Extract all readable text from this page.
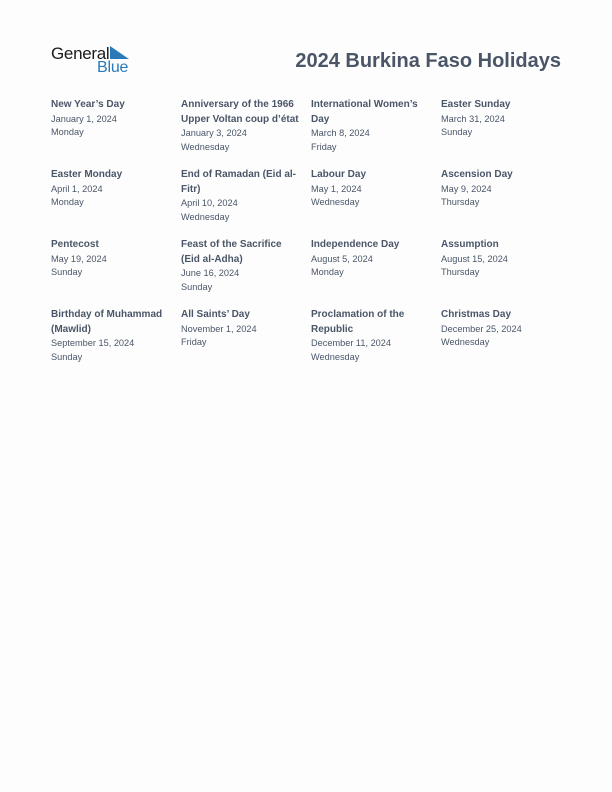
General
Blue	2024 Burkina Faso Holidays
New Year’s Day
January 1, 2024
Monday
Anniversary of the 1966 Upper Voltan coup d’état
January 3, 2024
Wednesday
International Women’s Day
March 8, 2024
Friday
Easter Sunday
March 31, 2024
Sunday
Easter Monday
April 1, 2024
Monday
End of Ramadan (Eid al-Fitr)
April 10, 2024
Wednesday
Labour Day
May 1, 2024
Wednesday
Ascension Day
May 9, 2024
Thursday
Pentecost
May 19, 2024
Sunday
Feast of the Sacrifice (Eid al-Adha)
June 16, 2024
Sunday
Independence Day
August 5, 2024
Monday
Assumption
August 15, 2024
Thursday
Birthday of Muhammad (Mawlid)
September 15, 2024
Sunday
All Saints’ Day
November 1, 2024
Friday
Proclamation of the Republic
December 11, 2024
Wednesday
Christmas Day
December 25, 2024
Wednesday
